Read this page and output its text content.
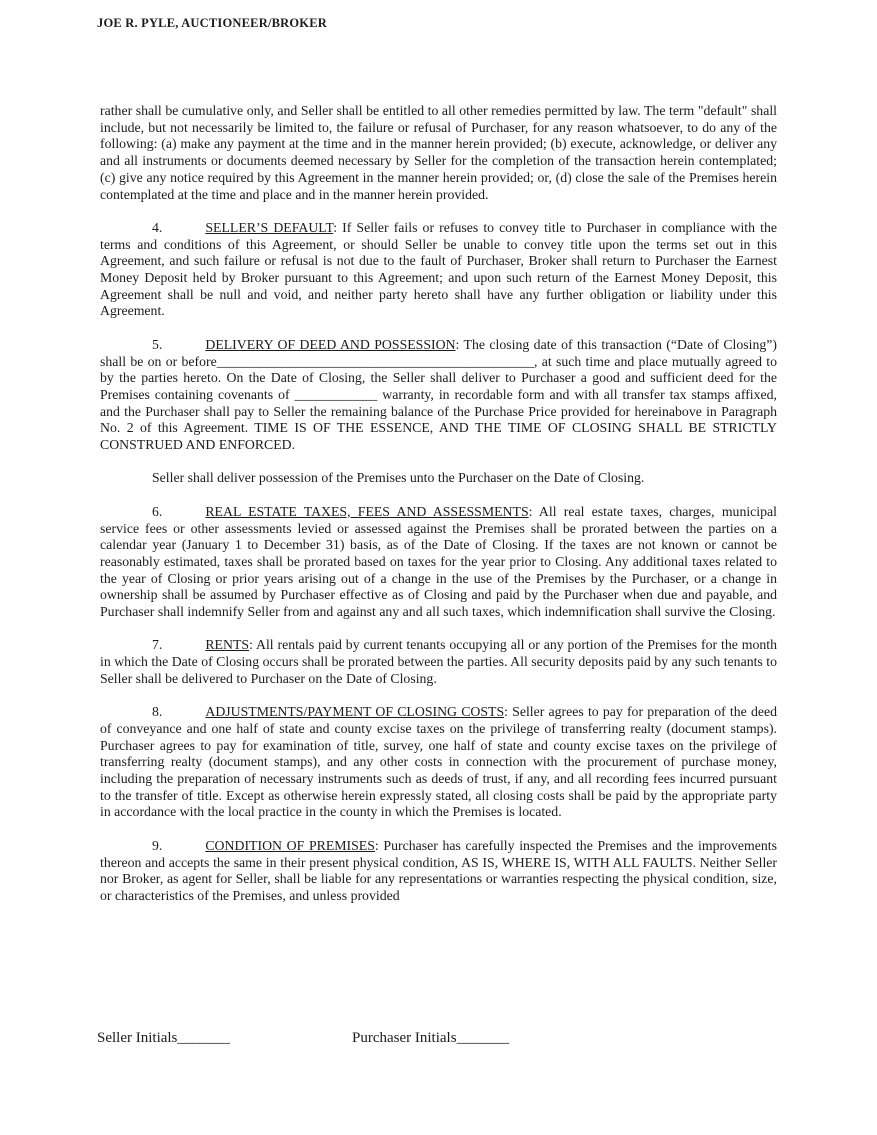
JOE R. PYLE, AUCTIONEER/BROKER

rather shall be cumulative only, and Seller shall be entitled to all other remedies permitted by law. The term "default" shall include, but not necessarily be limited to, the failure or refusal of Purchaser, for any reason whatsoever, to do any of the following: (a) make any payment at the time and in the manner herein provided; (b) execute, acknowledge, or deliver any and all instruments or documents deemed necessary by Seller for the completion of the transaction herein contemplated; (c) give any notice required by this Agreement in the manner herein provided; or, (d) close the sale of the Premises herein contemplated at the time and place and in the manner herein provided.

4.	SELLER’S DEFAULT: If Seller fails or refuses to convey title to Purchaser in compliance with the terms and conditions of this Agreement, or should Seller be unable to convey title upon the terms set out in this Agreement, and such failure or refusal is not due to the fault of Purchaser, Broker shall return to Purchaser the Earnest Money Deposit held by Broker pursuant to this Agreement; and upon such return of the Earnest Money Deposit, this Agreement shall be null and void, and neither party hereto shall have any further obligation or liability under this Agreement.

5.	DELIVERY OF DEED AND POSSESSION: The closing date of this transaction (“Date of Closing”) shall be on or before______________________________________________, at such time and place mutually agreed to by the parties hereto. On the Date of Closing, the Seller shall deliver to Purchaser a good and sufficient deed for the Premises containing covenants of ____________ warranty, in recordable form and with all transfer tax stamps affixed, and the Purchaser shall pay to Seller the remaining balance of the Purchase Price provided for hereinabove in Paragraph No. 2 of this Agreement. TIME IS OF THE ESSENCE, AND THE TIME OF CLOSING SHALL BE STRICTLY CONSTRUED AND ENFORCED.

Seller shall deliver possession of the Premises unto the Purchaser on the Date of Closing.

6.	REAL ESTATE TAXES, FEES AND ASSESSMENTS: All real estate taxes, charges, municipal service fees or other assessments levied or assessed against the Premises shall be prorated between the parties on a calendar year (January 1 to December 31) basis, as of the Date of Closing. If the taxes are not known or cannot be reasonably estimated, taxes shall be prorated based on taxes for the year prior to Closing. Any additional taxes related to the year of Closing or prior years arising out of a change in the use of the Premises by the Purchaser, or a change in ownership shall be assumed by Purchaser effective as of Closing and paid by the Purchaser when due and payable, and Purchaser shall indemnify Seller from and against any and all such taxes, which indemnification shall survive the Closing.

7.	RENTS: All rentals paid by current tenants occupying all or any portion of the Premises for the month in which the Date of Closing occurs shall be prorated between the parties. All security deposits paid by any such tenants to Seller shall be delivered to Purchaser on the Date of Closing.

8.	ADJUSTMENTS/PAYMENT OF CLOSING COSTS: Seller agrees to pay for preparation of the deed of conveyance and one half of state and county excise taxes on the privilege of transferring realty (document stamps). Purchaser agrees to pay for examination of title, survey, one half of state and county excise taxes on the privilege of transferring realty (document stamps), and any other costs in connection with the procurement of purchase money, including the preparation of necessary instruments such as deeds of trust, if any, and all recording fees incurred pursuant to the transfer of title. Except as otherwise herein expressly stated, all closing costs shall be paid by the appropriate party in accordance with the local practice in the county in which the Premises is located.

9.	CONDITION OF PREMISES: Purchaser has carefully inspected the Premises and the improvements thereon and accepts the same in their present physical condition, AS IS, WHERE IS, WITH ALL FAULTS. Neither Seller nor Broker, as agent for Seller, shall be liable for any representations or warranties respecting the physical condition, size, or characteristics of the Premises, and unless provided

Seller Initials_______	Purchaser Initials_______
